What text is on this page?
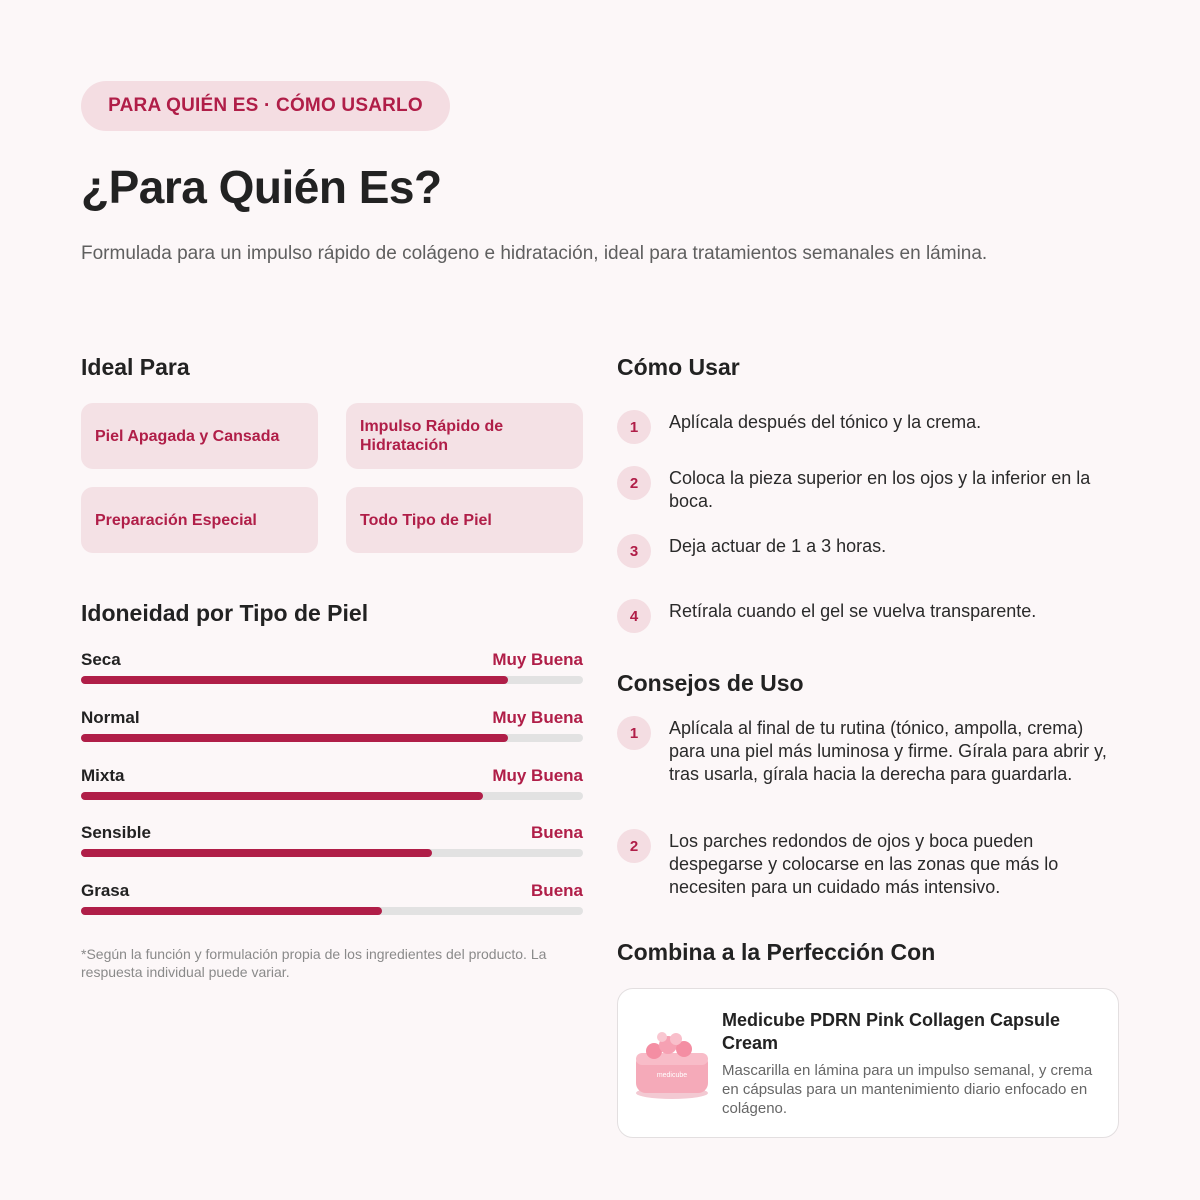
PARA QUIÉN ES · CÓMO USARLO
¿Para Quién Es?

Formulada para un impulso rápido de colágeno e hidratación, ideal para tratamientos semanales en lámina.

Ideal Para
Piel Apagada y Cansada
Impulso Rápido de Hidratación
Preparación Especial	Todo Tipo de Piel
Idoneidad por Tipo de Piel
Seca	Muy Buena
Normal	Muy Buena
Mixta	Muy Buena
Sensible	Buena
Grasa	Buena

*Según la función y formulación propia de los ingredientes del producto. La respuesta individual puede variar.

Cómo Usar
1	Aplícala después del tónico y la crema.

2	Coloca la pieza superior en los ojos y la inferior en la boca.

3	Deja actuar de 1 a 3 horas.

4	Retírala cuando el gel se vuelva transparente.

Consejos de Uso
1	Aplícala al final de tu rutina (tónico, ampolla, crema) para una piel más luminosa y firme. Gírala para abrir y, tras usarla, gírala hacia la derecha para guardarla.

2	Los parches redondos de ojos y boca pueden despegarse y colocarse en las zonas que más lo necesiten para un cuidado más intensivo.

Combina a la Perfección Con
medicube

Medicube PDRN Pink Collagen Capsule Cream

Mascarilla en lámina para un impulso semanal, y crema en cápsulas para un mantenimiento diario enfocado en colágeno.
